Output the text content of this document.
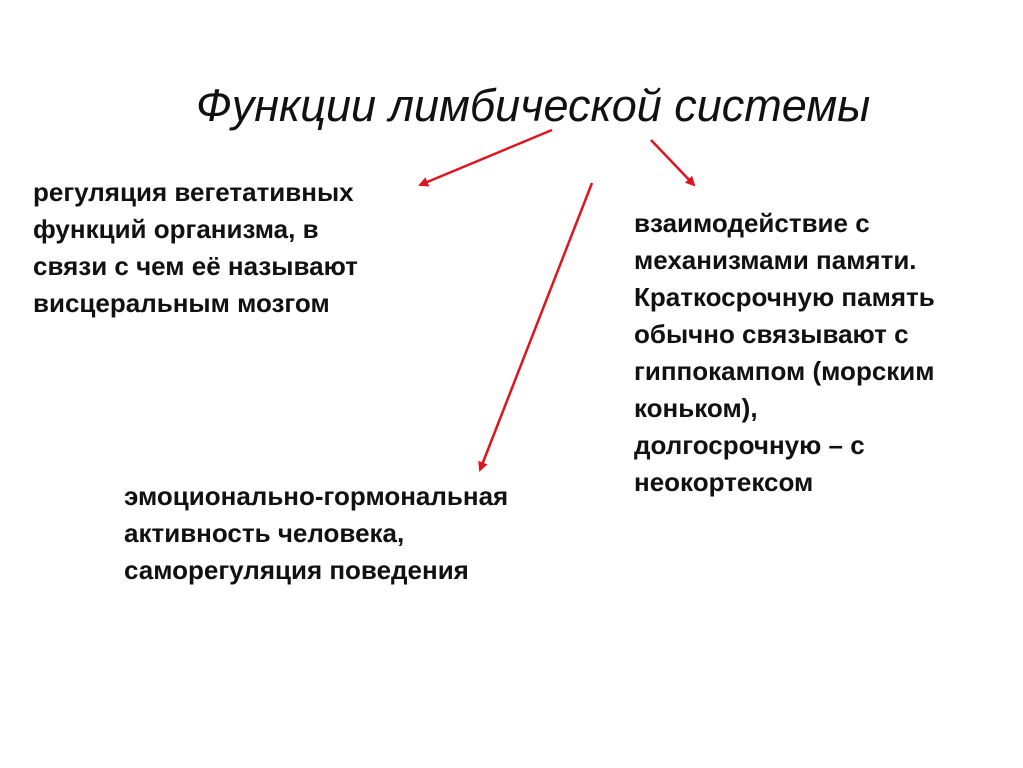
Функции лимбической системы
регуляция вегетативных
функций организма, в
связи с чем её называют
висцеральным мозгом
взаимодействие с
механизмами памяти.
Краткосрочную память
обычно связывают с
гиппокампом (морским
коньком),
долгосрочную – с
неокортексом
эмоционально-гормональная
активность человека,
саморегуляция поведения
